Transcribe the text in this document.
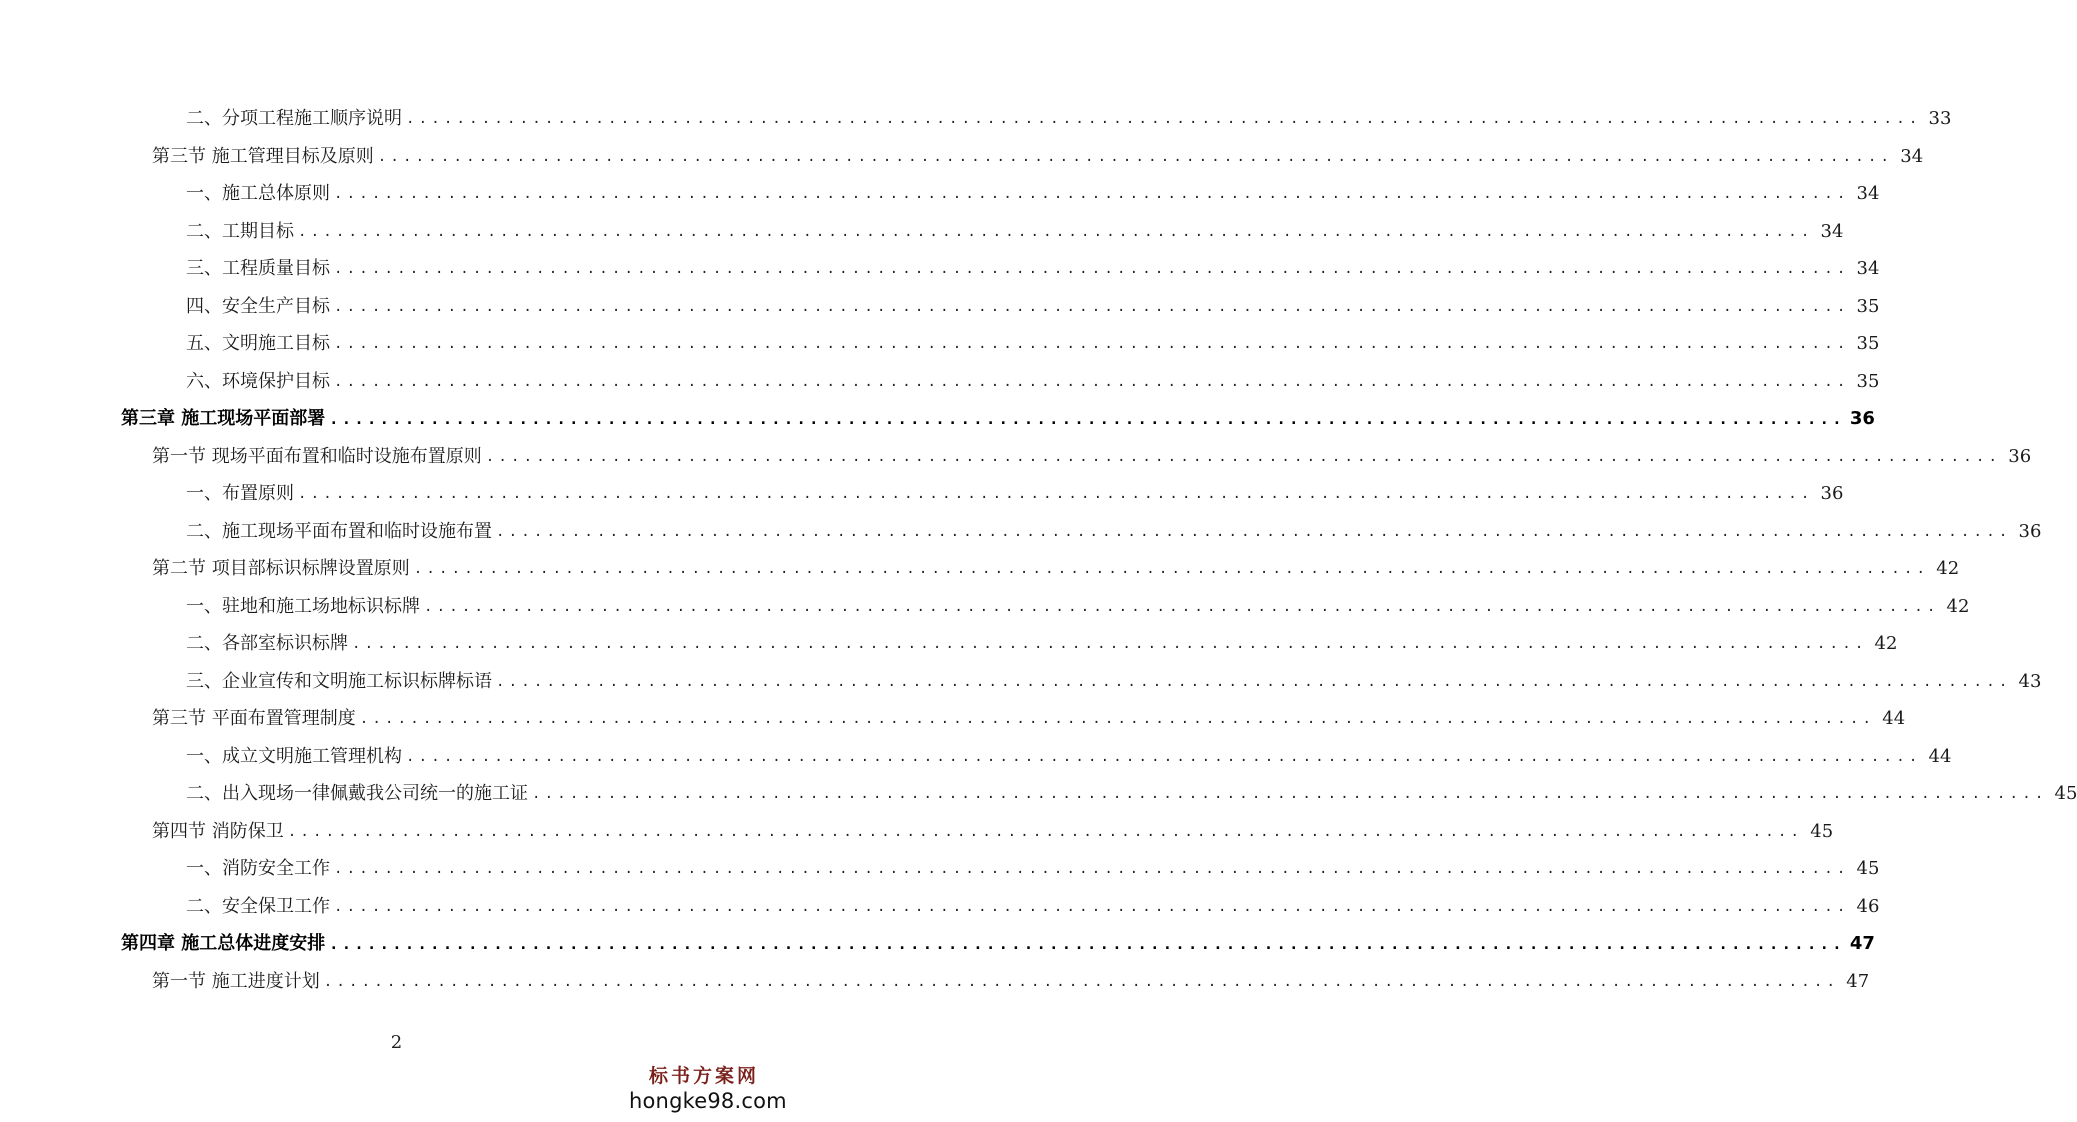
二、分项工程施工顺序说明 ........................................................................................................................ 33
第三节 施工管理目标及原则 ........................................................................................................................ 34
一、施工总体原则 ........................................................................................................................ 34
二、工期目标 ........................................................................................................................ 34
三、工程质量目标 ........................................................................................................................ 34
四、安全生产目标 ........................................................................................................................ 35
五、文明施工目标 ........................................................................................................................ 35
六、环境保护目标 ........................................................................................................................ 35
第三章 施工现场平面部署 ........................................................................................................................ 36
第一节 现场平面布置和临时设施布置原则 ........................................................................................................................ 36
一、布置原则 ........................................................................................................................ 36
二、施工现场平面布置和临时设施布置 ........................................................................................................................ 36
第二节 项目部标识标牌设置原则 ........................................................................................................................ 42
一、驻地和施工场地标识标牌 ........................................................................................................................ 42
二、各部室标识标牌 ........................................................................................................................ 42
三、企业宣传和文明施工标识标牌标语 ........................................................................................................................ 43
第三节 平面布置管理制度 ........................................................................................................................ 44
一、成立文明施工管理机构 ........................................................................................................................ 44
二、出入现场一律佩戴我公司统一的施工证 ........................................................................................................................ 45
第四节 消防保卫 ........................................................................................................................ 45
一、消防安全工作 ........................................................................................................................ 45
二、安全保卫工作 ........................................................................................................................ 46
第四章 施工总体进度安排 ........................................................................................................................ 47
第一节 施工进度计划 ........................................................................................................................ 47
2
标书方案网
hongke98.com
